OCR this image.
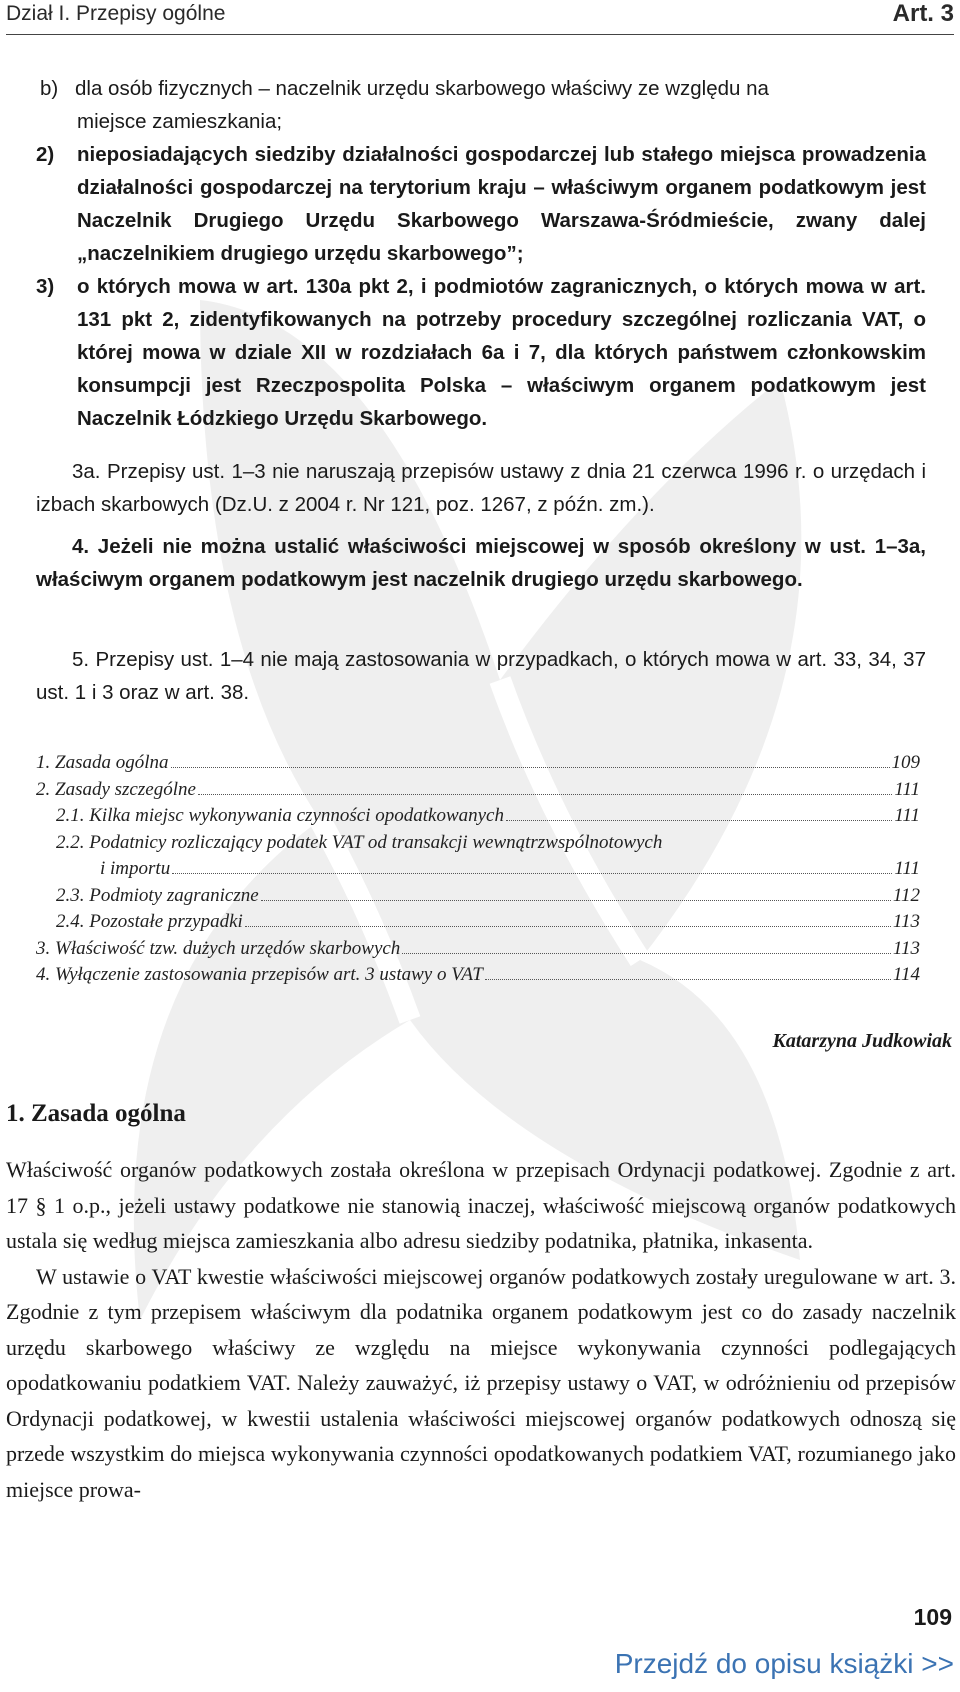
Dział I. Przepisy ogólne	Art. 3
b) dla osób fizycznych – naczelnik urzędu skarbowego właściwy ze względu na
miejsce zamieszkania;
2) nieposiadających siedziby działalności gospodarczej lub stałego miejsca prowadzenia działalności gospodarczej na terytorium kraju – właściwym organem podatkowym jest Naczelnik Drugiego Urzędu Skarbowego Warszawa-Śródmieście, zwany dalej „naczelnikiem drugiego urzędu skarbowego”;
3) o których mowa w art. 130a pkt 2, i podmiotów zagranicznych, o których mowa w art. 131 pkt 2, zidentyfikowanych na potrzeby procedury szczególnej rozliczania VAT, o której mowa w dziale XII w rozdziałach 6a i 7, dla których państwem członkowskim konsumpcji jest Rzeczpospolita Polska – właściwym organem podatkowym jest Naczelnik Łódzkiego Urzędu Skarbowego.

3a. Przepisy ust. 1–3 nie naruszają przepisów ustawy z dnia 21 czerwca 1996 r. o urzędach i izbach skarbowych (Dz.U. z 2004 r. Nr 121, poz. 1267, z późn. zm.).

4. Jeżeli nie można ustalić właściwości miejscowej w sposób określony w ust. 1–3a, właściwym organem podatkowym jest naczelnik drugiego urzędu skarbowego.

5. Przepisy ust. 1–4 nie mają zastosowania w przypadkach, o których mowa w art. 33, 34, 37 ust. 1 i 3 oraz w art. 38.

1. Zasada ogólna	109
2. Zasady szczególne	111
2.1. Kilka miejsc wykonywania czynności opodatkowanych	111
2.2. Podatnicy rozliczający podatek VAT od transakcji wewnątrzwspólnotowych
i importu	111
2.3. Podmioty zagraniczne	112
2.4. Pozostałe przypadki	113
3. Właściwość tzw. dużych urzędów skarbowych	113
4. Wyłączenie zastosowania przepisów art. 3 ustawy o VAT	114
Katarzyna Judkowiak
1. Zasada ogólna

Właściwość organów podatkowych została określona w przepisach Ordynacji podatkowej. Zgodnie z art. 17 § 1 o.p., jeżeli ustawy podatkowe nie stanowią inaczej, właściwość miejscową organów podatkowych ustala się według miejsca zamieszkania albo adresu siedziby podatnika, płatnika, inkasenta.

W ustawie o VAT kwestie właściwości miejscowej organów podatkowych zostały uregulowane w art. 3. Zgodnie z tym przepisem właściwym dla podatnika organem podatkowym jest co do zasady naczelnik urzędu skarbowego właściwy ze względu na miejsce wykonywania czynności podlegających opodatkowaniu podatkiem VAT. Należy zauważyć, iż przepisy ustawy o VAT, w odróżnieniu od przepisów Ordynacji podatkowej, w kwestii ustalenia właściwości miejscowej organów podatkowych odnoszą się przede wszystkim do miejsca wykonywania czynności opodatkowanych podatkiem VAT, rozumianego jako miejsce prowa-

109
Przejdź do opisu książki >>
